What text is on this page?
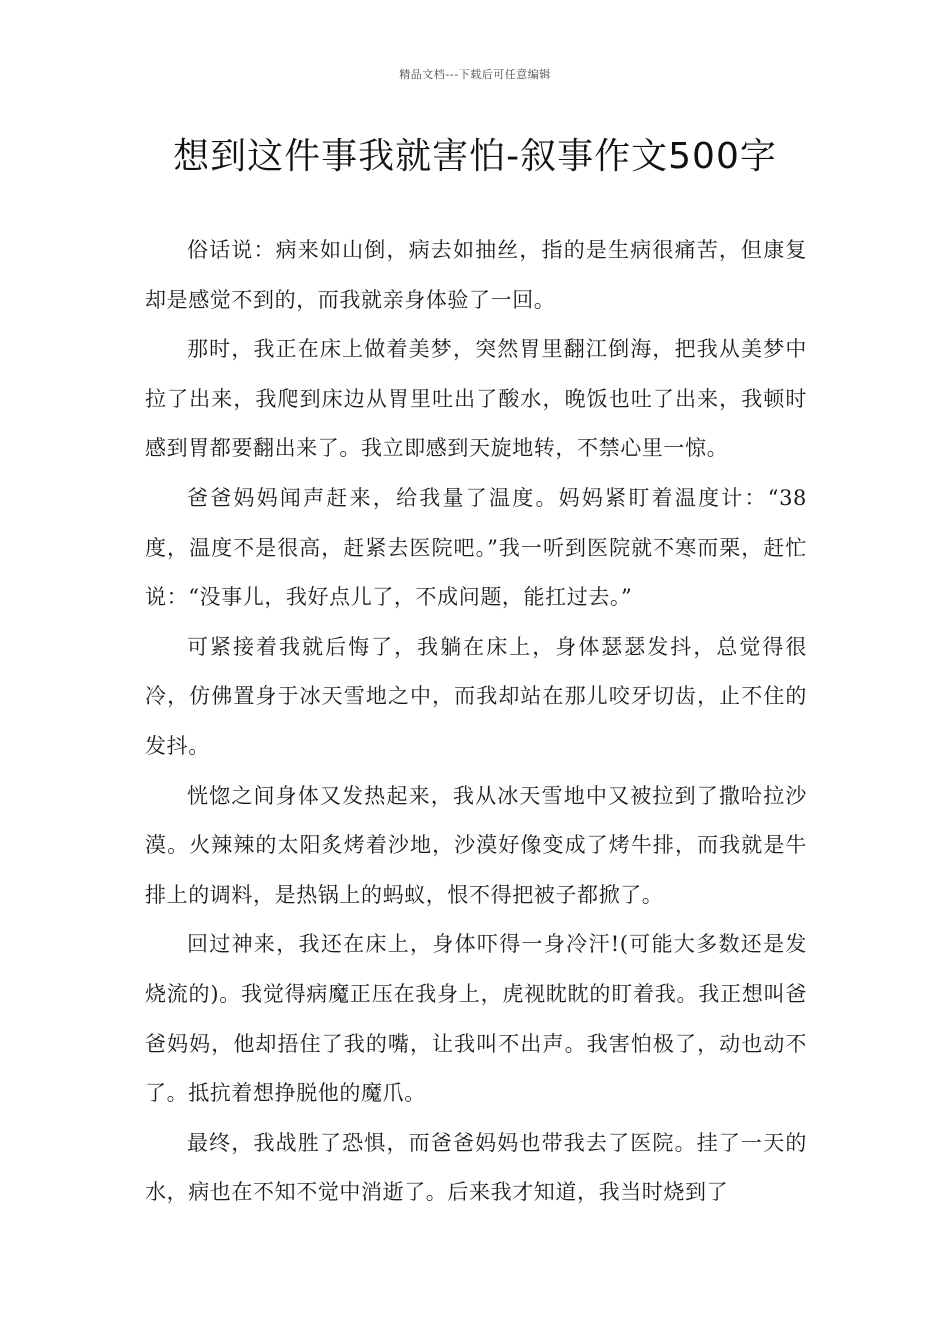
精品文档---下载后可任意编辑
想到这件事我就害怕-叙事作文500字

俗话说：病来如山倒，病去如抽丝，指的是生病很痛苦，但康复却是感觉不到的，而我就亲身体验了一回。

那时，我正在床上做着美梦，突然胃里翻江倒海，把我从美梦中拉了出来，我爬到床边从胃里吐出了酸水，晚饭也吐了出来，我顿时感到胃都要翻出来了。我立即感到天旋地转，不禁心里一惊。

爸爸妈妈闻声赶来，给我量了温度。妈妈紧盯着温度计：“38度，温度不是很高，赶紧去医院吧。”我一听到医院就不寒而栗，赶忙说：“没事儿，我好点儿了，不成问题，能扛过去。”

可紧接着我就后悔了，我躺在床上，身体瑟瑟发抖，总觉得很冷，仿佛置身于冰天雪地之中，而我却站在那儿咬牙切齿，止不住的发抖。

恍惚之间身体又发热起来，我从冰天雪地中又被拉到了撒哈拉沙漠。火辣辣的太阳炙烤着沙地，沙漠好像变成了烤牛排，而我就是牛排上的调料，是热锅上的蚂蚁，恨不得把被子都掀了。

回过神来，我还在床上，身体吓得一身冷汗!(可能大多数还是发烧流的)。我觉得病魔正压在我身上，虎视眈眈的盯着我。我正想叫爸爸妈妈，他却捂住了我的嘴，让我叫不出声。我害怕极了，动也动不了。抵抗着想挣脱他的魔爪。

最终，我战胜了恐惧，而爸爸妈妈也带我去了医院。挂了一天的水，病也在不知不觉中消逝了。后来我才知道，我当时烧到了
